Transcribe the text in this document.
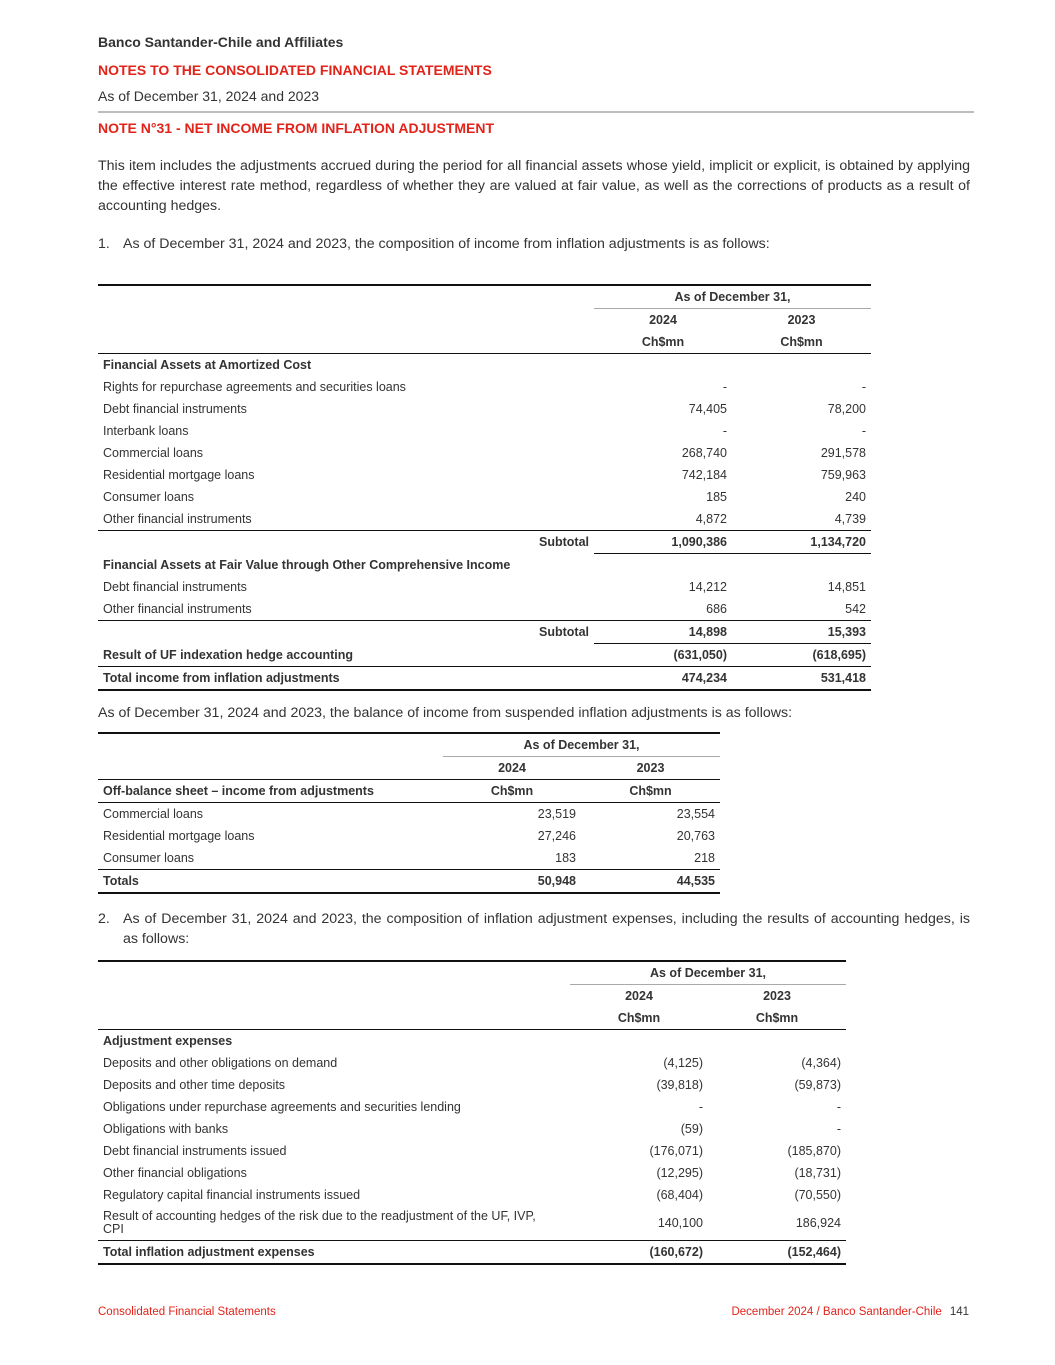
Banco Santander-Chile and Affiliates
NOTES TO THE CONSOLIDATED FINANCIAL STATEMENTS
As of December 31, 2024 and 2023
NOTE N°31 - NET INCOME FROM INFLATION ADJUSTMENT
This item includes the adjustments accrued during the period for all financial assets whose yield, implicit or explicit, is obtained by applying the effective interest rate method, regardless of whether they are valued at fair value, as well as the corrections of products as a result of accounting hedges.
1. As of December 31, 2024 and 2023, the composition of income from inflation adjustments is as follows:
	As of December 31,	
	2024	2023
	Ch$mn	Ch$mn
Financial Assets at Amortized Cost		
Rights for repurchase agreements and securities loans	-	-
Debt financial instruments	74,405	78,200
Interbank loans	-	-
Commercial loans	268,740	291,578
Residential mortgage loans	742,184	759,963
Consumer loans	185	240
Other financial instruments	4,872	4,739
Subtotal	1,090,386	1,134,720
Financial Assets at Fair Value through Other Comprehensive Income		
Debt financial instruments	14,212	14,851
Other financial instruments	686	542
Subtotal	14,898	15,393
Result of UF indexation hedge accounting	(631,050)	(618,695)
Total income from inflation adjustments	474,234	531,418
As of December 31, 2024 and 2023, the balance of income from suspended inflation adjustments is as follows:
	As of December 31,	
	2024	2023
Off-balance sheet – income from adjustments	Ch$mn	Ch$mn
Commercial loans	23,519	23,554
Residential mortgage loans	27,246	20,763
Consumer loans	183	218
Totals	50,948	44,535
2. As of December 31, 2024 and 2023, the composition of inflation adjustment expenses, including the results of accounting hedges, is as follows:
	As of December 31,	
	2024	2023
	Ch$mn	Ch$mn
Adjustment expenses		
Deposits and other obligations on demand	(4,125)	(4,364)
Deposits and other time deposits	(39,818)	(59,873)
Obligations under repurchase agreements and securities lending	-	-
Obligations with banks	(59)	-
Debt financial instruments issued	(176,071)	(185,870)
Other financial obligations	(12,295)	(18,731)
Regulatory capital financial instruments issued	(68,404)	(70,550)
Result of accounting hedges of the risk due to the readjustment of the UF, IVP, CPI	140,100	186,924
Total inflation adjustment expenses	(160,672)	(152,464)
Consolidated Financial Statements	December 2024 / Banco Santander-Chile 141
